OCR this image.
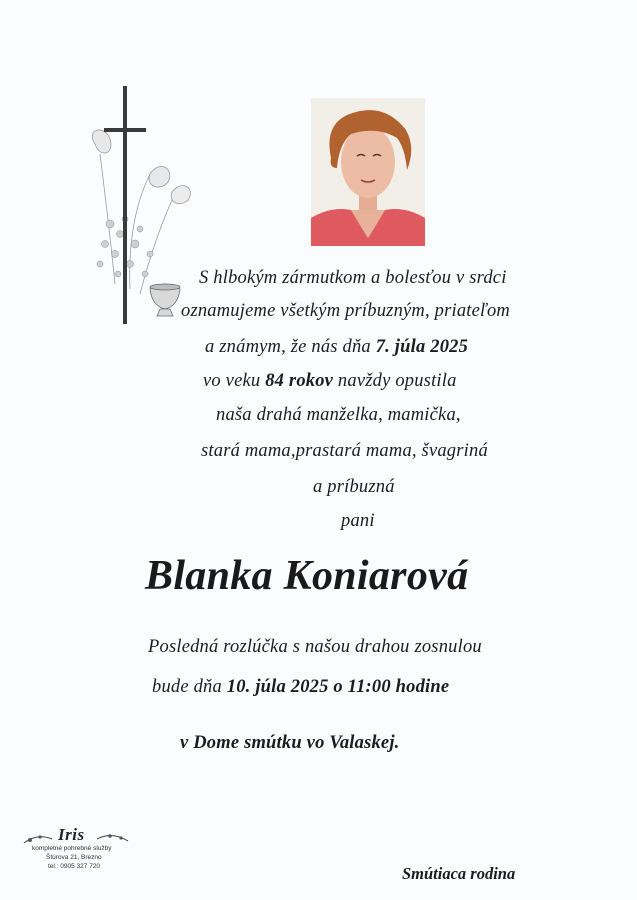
S hlbokým zármutkom a bolesťou v srdci
oznamujeme všetkým príbuzným, priateľom
a známym, že nás dňa 7. júla 2025
vo veku 84 rokov navždy opustila
naša drahá manželka, mamička,
stará mama,prastará mama, švagriná
a príbuzná
pani
Blanka Koniarová
Posledná rozlúčka s našou drahou zosnulou
bude dňa 10. júla 2025 o 11:00 hodine
v Dome smútku vo Valaskej.
Iris
kompletné pohrebné služby
Štúrova 21, Brezno
tel.: 0905 327 720	Smútiaca rodina
